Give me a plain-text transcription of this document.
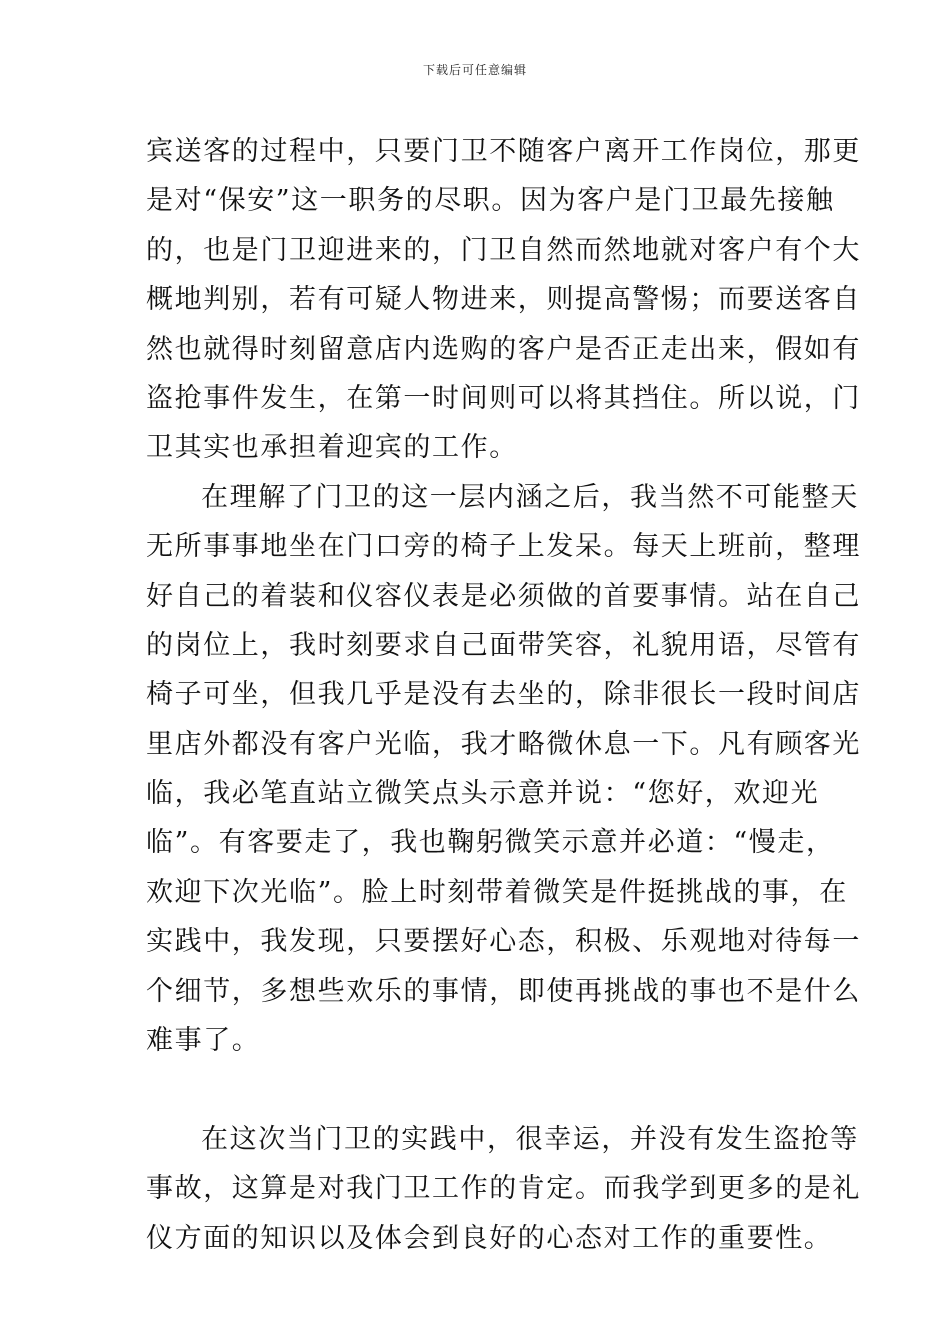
下载后可任意编辑
宾送客的过程中，只要门卫不随客户离开工作岗位，那更
是对“保安”这一职务的尽职。因为客户是门卫最先接触
的，也是门卫迎进来的，门卫自然而然地就对客户有个大
概地判别，若有可疑人物进来，则提高警惕；而要送客自
然也就得时刻留意店内选购的客户是否正走出来，假如有
盗抢事件发生，在第一时间则可以将其挡住。所以说，门
卫其实也承担着迎宾的工作。
在理解了门卫的这一层内涵之后，我当然不可能整天
无所事事地坐在门口旁的椅子上发呆。每天上班前，整理
好自己的着装和仪容仪表是必须做的首要事情。站在自己
的岗位上，我时刻要求自己面带笑容，礼貌用语，尽管有
椅子可坐，但我几乎是没有去坐的，除非很长一段时间店
里店外都没有客户光临，我才略微休息一下。凡有顾客光
临，我必笔直站立微笑点头示意并说：“您好，欢迎光
临”。有客要走了，我也鞠躬微笑示意并必道：“慢走，
欢迎下次光临”。脸上时刻带着微笑是件挺挑战的事，在
实践中，我发现，只要摆好心态，积极、乐观地对待每一
个细节，多想些欢乐的事情，即使再挑战的事也不是什么
难事了。
在这次当门卫的实践中，很幸运，并没有发生盗抢等
事故，这算是对我门卫工作的肯定。而我学到更多的是礼
仪方面的知识以及体会到良好的心态对工作的重要性。
